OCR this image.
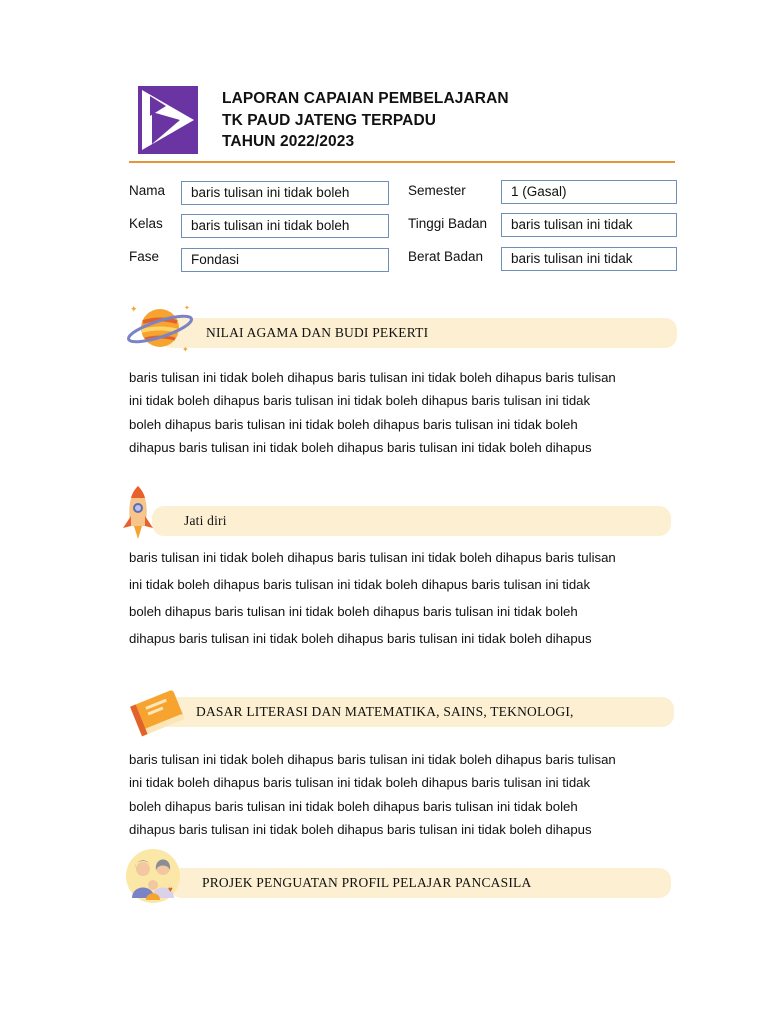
LAPORAN CAPAIAN PEMBELAJARAN
TK PAUD JATENG TERPADU
TAHUN 2022/2023
Nama	baris tulisan ini tidak boleh
Kelas	baris tulisan ini tidak boleh
Fase	Fondasi
Semester	1 (Gasal)
Tinggi Badan	baris tulisan ini tidak
Berat Badan	baris tulisan ini tidak
NILAI AGAMA DAN BUDI PEKERTI
✦
✦
✦
baris tulisan ini tidak boleh dihapus baris tulisan ini tidak boleh dihapus baris tulisan
ini tidak boleh dihapus baris tulisan ini tidak boleh dihapus baris tulisan ini tidak
boleh dihapus baris tulisan ini tidak boleh dihapus baris tulisan ini tidak boleh
dihapus baris tulisan ini tidak boleh dihapus baris tulisan ini tidak boleh dihapus
Jati diri
baris tulisan ini tidak boleh dihapus baris tulisan ini tidak boleh dihapus baris tulisan
ini tidak boleh dihapus baris tulisan ini tidak boleh dihapus baris tulisan ini tidak
boleh dihapus baris tulisan ini tidak boleh dihapus baris tulisan ini tidak boleh
dihapus baris tulisan ini tidak boleh dihapus baris tulisan ini tidak boleh dihapus
DASAR LITERASI DAN MATEMATIKA, SAINS, TEKNOLOGI,
baris tulisan ini tidak boleh dihapus baris tulisan ini tidak boleh dihapus baris tulisan
ini tidak boleh dihapus baris tulisan ini tidak boleh dihapus baris tulisan ini tidak
boleh dihapus baris tulisan ini tidak boleh dihapus baris tulisan ini tidak boleh
dihapus baris tulisan ini tidak boleh dihapus baris tulisan ini tidak boleh dihapus
PROJEK PENGUATAN PROFIL PELAJAR PANCASILA
♥
